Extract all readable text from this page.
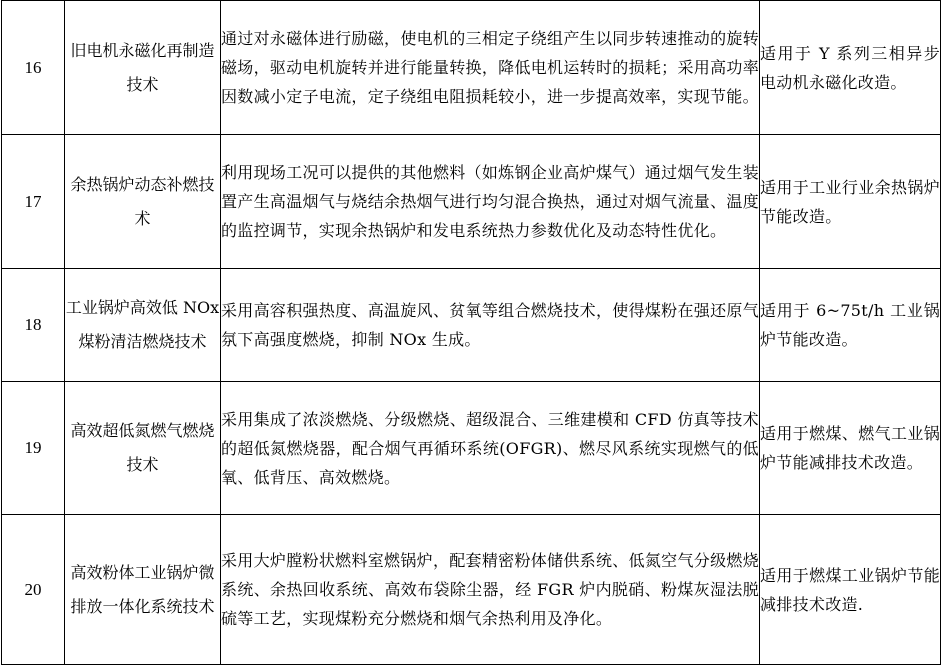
16	旧电机永磁化再制造技术	通过对永磁体进行励磁，使电机的三相定子绕组产生以同步转速推动的旋转磁场，驱动电机旋转并进行能量转换，降低电机运转时的损耗；采用高功率因数减小定子电流，定子绕组电阻损耗较小，进一步提高效率，实现节能。	适用于 Y 系列三相异步电动机永磁化改造。

17	余热锅炉动态补燃技术	利用现场工况可以提供的其他燃料（如炼钢企业高炉煤气）通过烟气发生装置产生高温烟气与烧结余热烟气进行均匀混合换热，通过对烟气流量、温度的监控调节，实现余热锅炉和发电系统热力参数优化及动态特性优化。	适用于工业行业余热锅炉节能改造。

18	工业锅炉高效低 NOx 煤粉清洁燃烧技术	采用高容积强热度、高温旋风、贫氧等组合燃烧技术，使得煤粉在强还原气氛下高强度燃烧，抑制 NOx 生成。	适用于 6~75t/h 工业锅炉节能改造。

19	高效超低氮燃气燃烧技术	采用集成了浓淡燃烧、分级燃烧、超级混合、三维建模和 CFD 仿真等技术的超低氮燃烧器，配合烟气再循环系统(OFGR)、燃尽风系统实现燃气的低氧、低背压、高效燃烧。	适用于燃煤、燃气工业锅炉节能减排技术改造。

20	高效粉体工业锅炉微排放一体化系统技术	采用大炉膛粉状燃料室燃锅炉，配套精密粉体储供系统、低氮空气分级燃烧系统、余热回收系统、高效布袋除尘器，经 FGR 炉内脱硝、粉煤灰湿法脱硫等工艺，实现煤粉充分燃烧和烟气余热利用及净化。	适用于燃煤工业锅炉节能减排技术改造.
